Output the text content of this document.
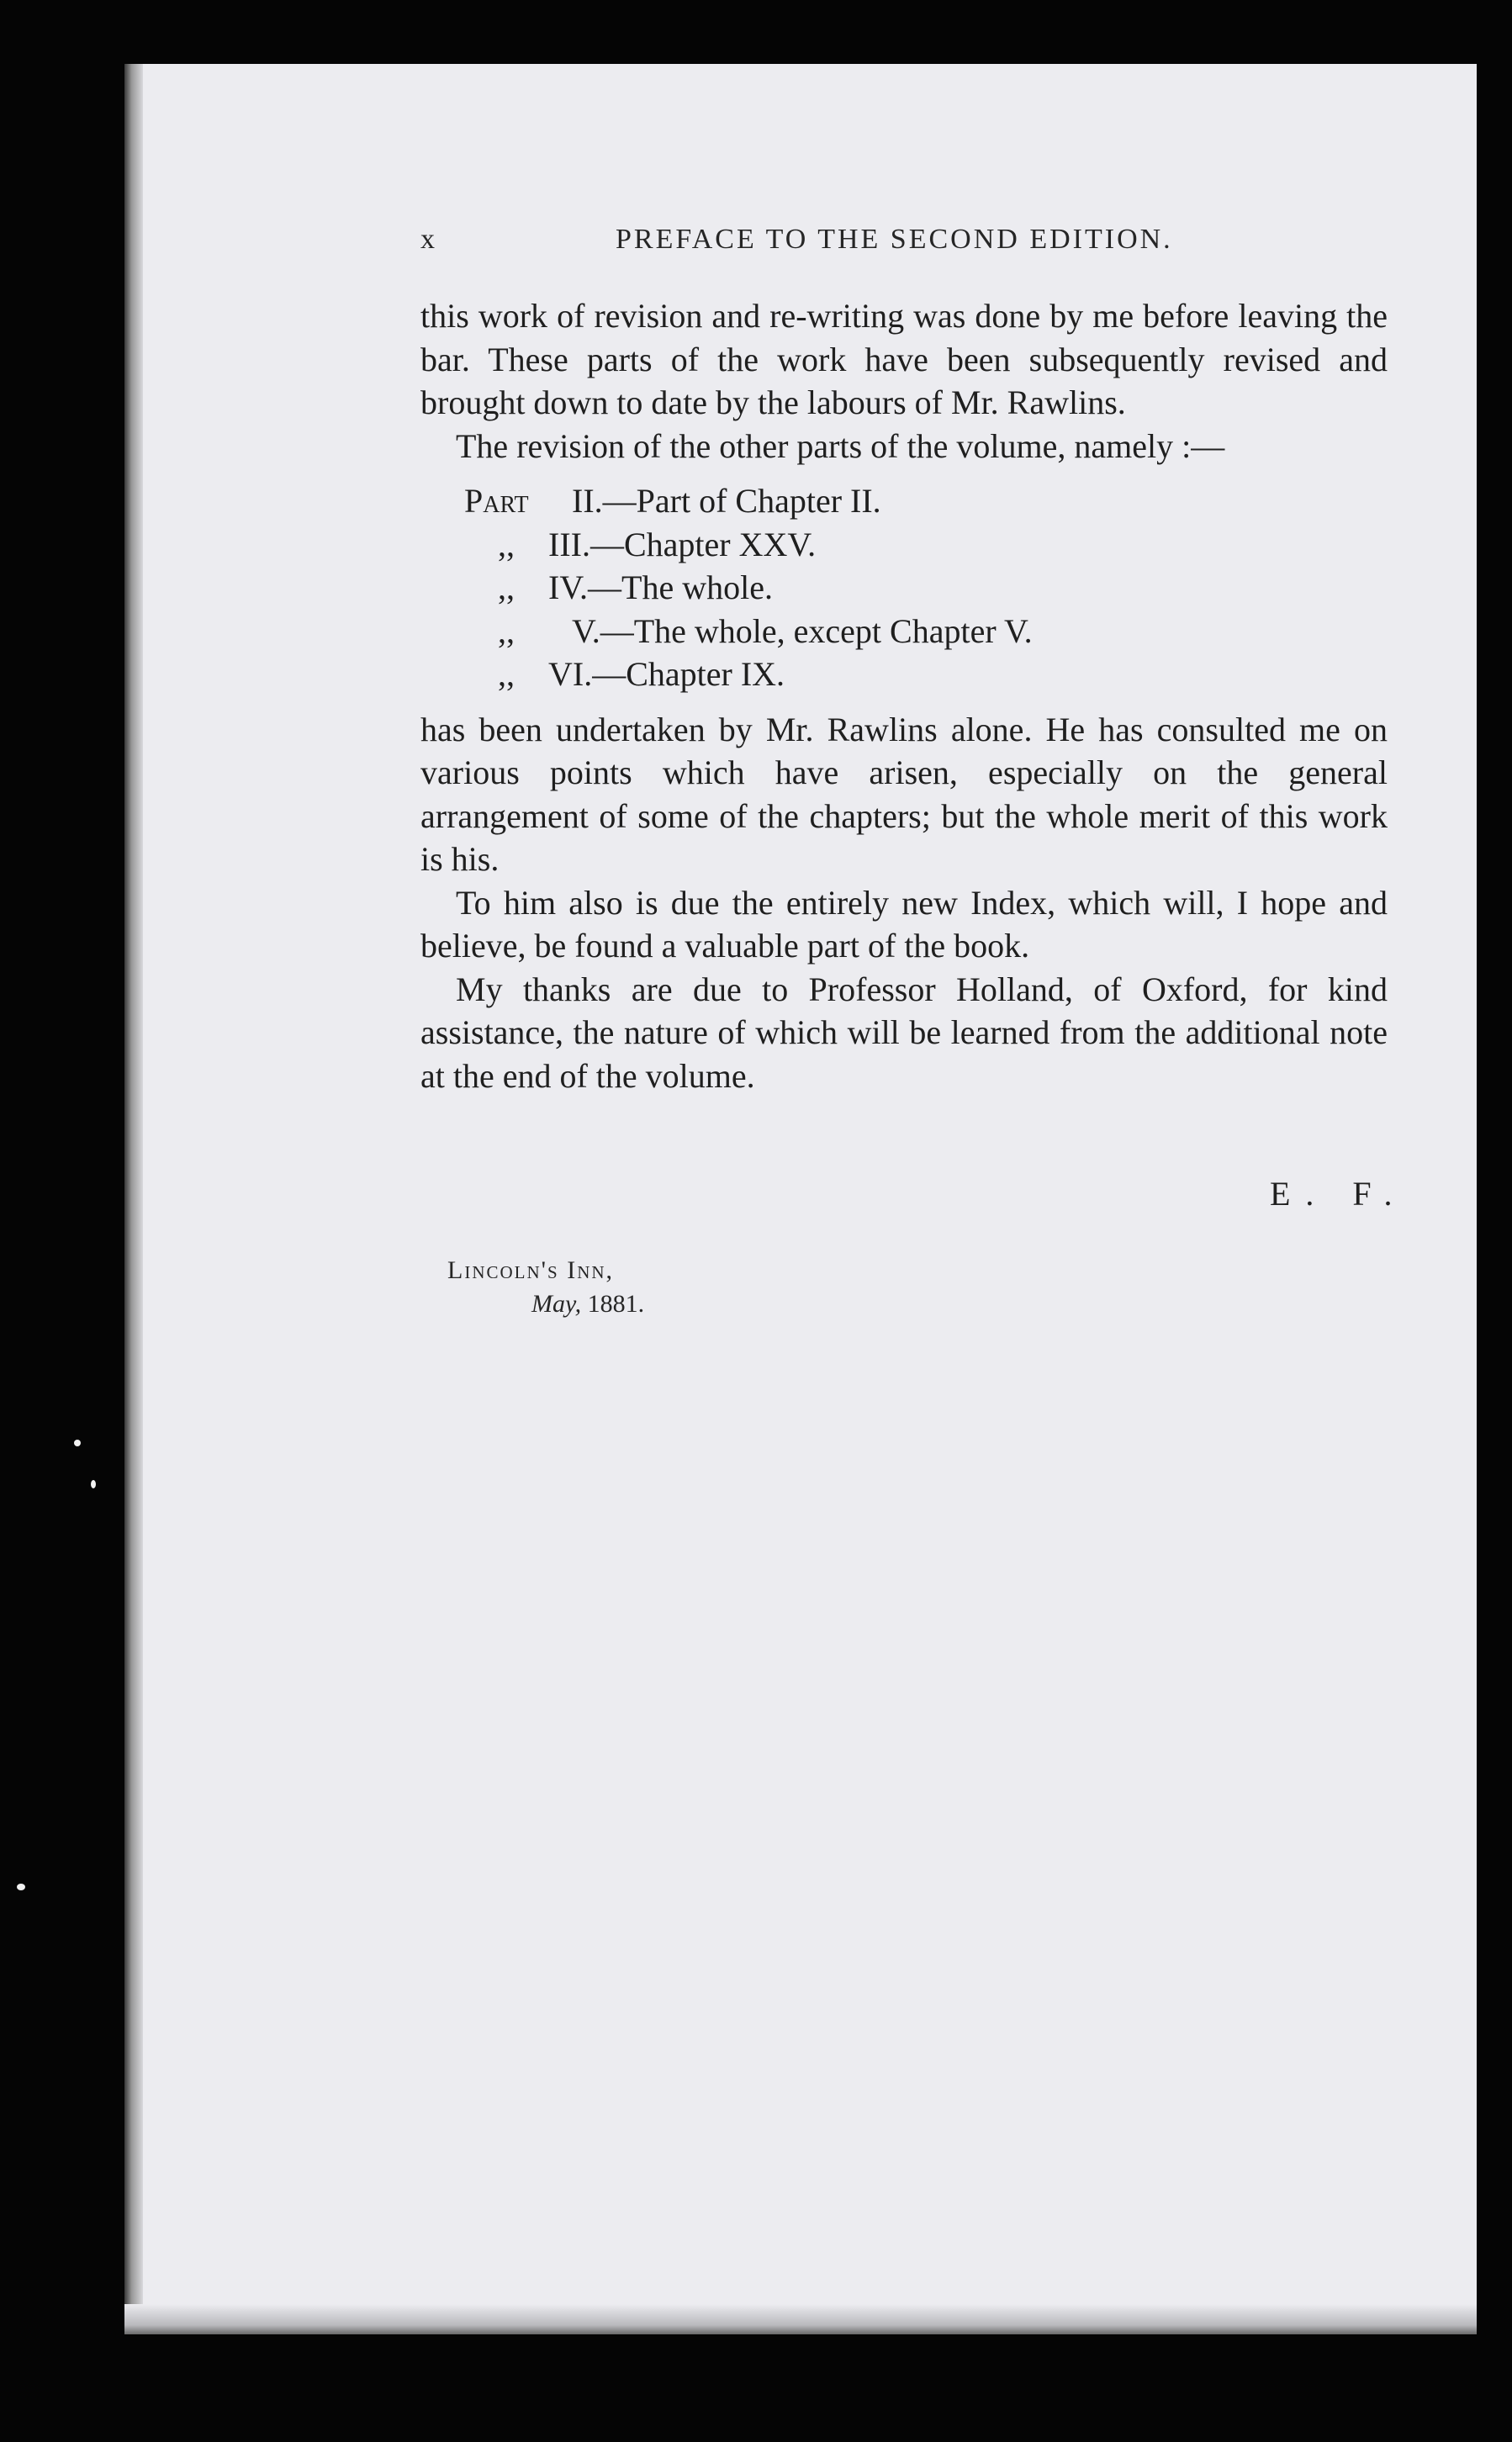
x	PREFACE TO THE SECOND EDITION.

this work of revision and re-writing was done by me before leaving the bar. These parts of the work have been subsequently revised and brought down to date by the labours of Mr. Rawlins.

The revision of the other parts of the volume, namely :—

Part II.—Part of Chapter II.
,, III.—Chapter XXV.
,, IV.—The whole.
,, V.—The whole, except Chapter V.
,, VI.—Chapter IX.

has been undertaken by Mr. Rawlins alone. He has consulted me on various points which have arisen, especially on the general arrangement of some of the chapters; but the whole merit of this work is his.

To him also is due the entirely new Index, which will, I hope and believe, be found a valuable part of the book.

My thanks are due to Professor Holland, of Oxford, for kind assistance, the nature of which will be learned from the additional note at the end of the volume.

E. F.
Lincoln's Inn,
May, 1881.
